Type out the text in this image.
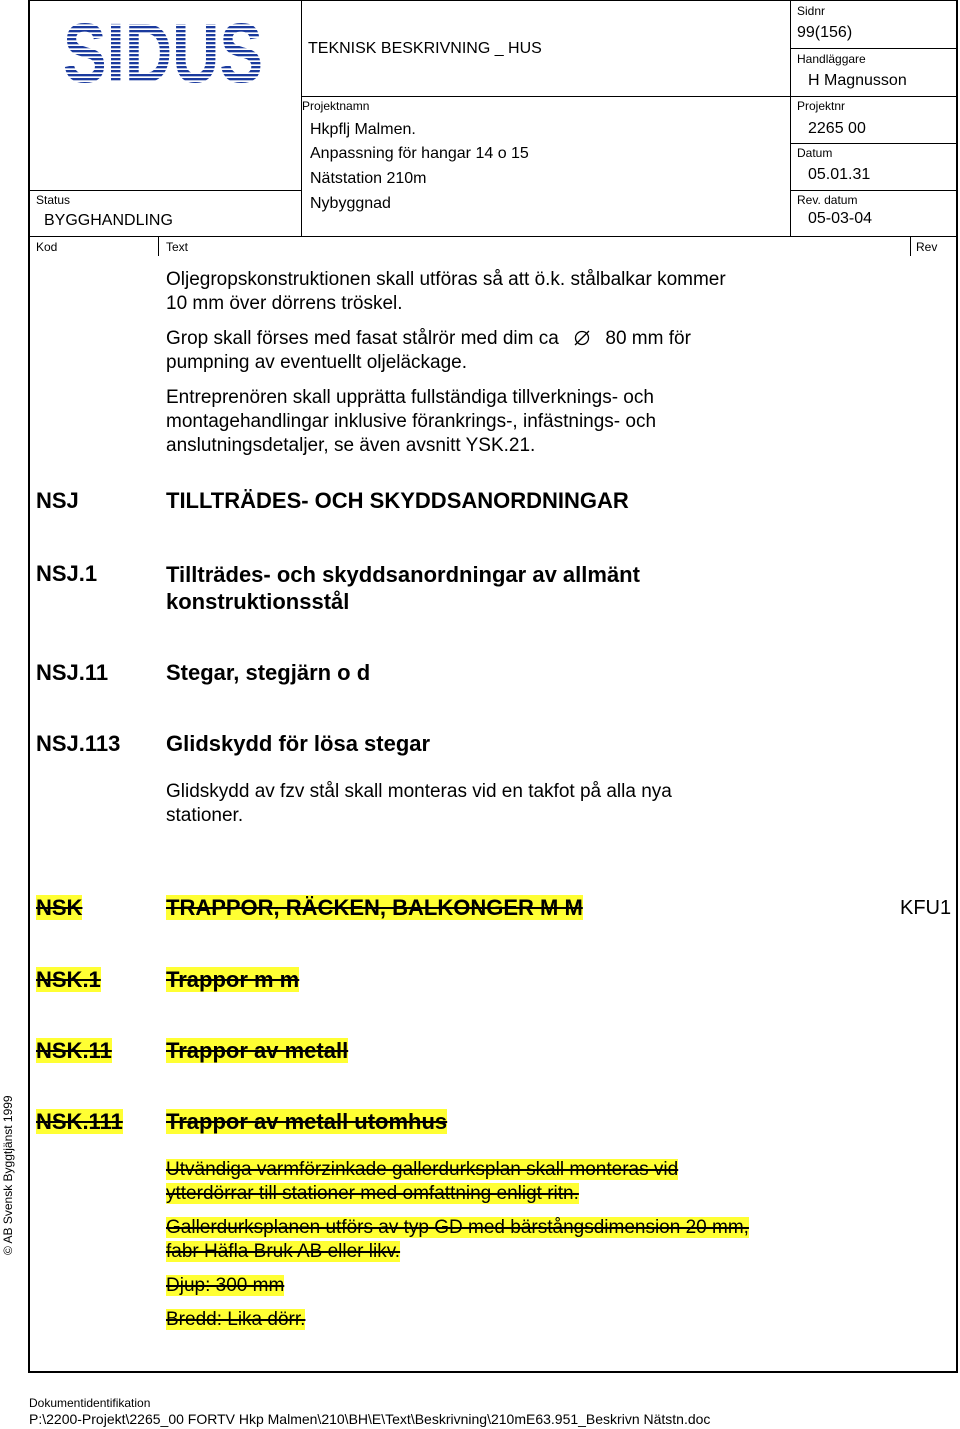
SIDUS	TEKNISK BESKRIVNING _ HUS
Sidnr
99(156)
Handläggare
H Magnusson
Projektnr
2265 00
Datum
05.01.31
Rev. datum
05-03-04
Projektnamn
Hkpflj Malmen.
Anpassning för hangar 14 o 15
Nätstation 210m
Nybyggnad
Status
BYGGHANDLING
Kod	Text	Rev

Oljegropskonstruktionen skall utföras så att ö.k. stålbalkar kommer

10 mm över dörrens tröskel.

Grop skall förses med fasat stålrör med dim ca 80 mm för

pumpning av eventuellt oljeläckage.

Entreprenören skall upprätta fullständiga tillverknings- och

montagehandlingar inklusive förankrings-, infästnings- och

anslutningsdetaljer, se även avsnitt YSK.21.

NSJ	TILLTRÄDES- OCH SKYDDSANORDNINGAR
NSJ.1	Tillträdes- och skyddsanordningar av allmänt

konstruktionsstål

NSJ.11	Stegar, stegjärn o d
NSJ.113 Glidskydd för lösa stegar

Glidskydd av fzv stål skall monteras vid en takfot på alla nya

stationer.

NSK	TRAPPOR, RÄCKEN, BALKONGER M M	KFU1
NSK.1	Trappor m m
NSK.11 Trappor av metall
NSK.111 Trappor av metall utomhus

Utvändiga varmförzinkade gallerdurksplan skall monteras vid

ytterdörrar till stationer med omfattning enligt ritn.

Gallerdurksplanen utförs av typ GD med bärstångsdimension 20 mm,

fabr Häfla Bruk AB eller likv.

Djup: 300 mm
Bredd: Lika dörr.
© AB Svensk Byggtjänst 1999
Dokumentidentifikation
P:\2200-Projekt\2265_00 FORTV Hkp Malmen\210\BH\E\Text\Beskrivning\210mE63.951_Beskrivn Nätstn.doc
